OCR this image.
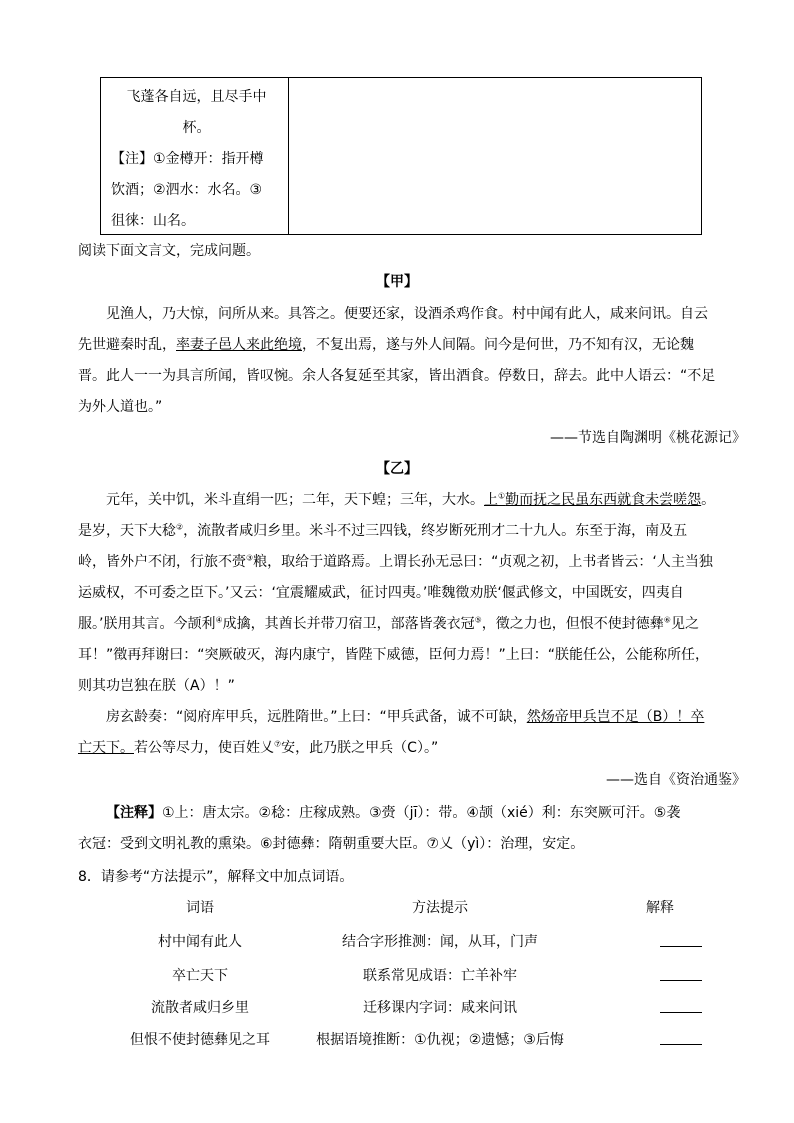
飞蓬各自远，且尽手中
杯。
【注】①金樽开：指开樽
饮酒；②泗水：水名。③
徂徕：山名。
阅读下面文言文，完成问题。
【甲】
见渔人，乃大惊，问所从来。具答之。便要还家，设酒杀鸡作食。村中闻有此人，咸来问讯。自云
先世避秦时乱，率妻子邑人来此绝境，不复出焉，遂与外人间隔。问今是何世，乃不知有汉，无论魏
晋。此人一一为具言所闻，皆叹惋。余人各复延至其家，皆出酒食。停数日，辞去。此中人语云：“不足
为外人道也。”
——节选自陶渊明《桃花源记》
【乙】
元年，关中饥，米斗直绢一匹；二年，天下蝗；三年，大水。上①勤而抚之民虽东西就食未尝嗟怨。
是岁，天下大稔②，流散者咸归乡里。米斗不过三四钱，终岁断死刑才二十九人。东至于海，南及五
岭，皆外户不闭，行旅不赍③粮，取给于道路焉。上谓长孙无忌曰：“贞观之初，上书者皆云：‘人主当独
运威权，不可委之臣下。’又云：‘宜震耀威武，征讨四夷。’唯魏徵劝朕‘偃武修文，中国既安，四夷自
服。’朕用其言。今颉利④成擒，其酋长并带刀宿卫，部落皆袭衣冠⑤，徵之力也，但恨不使封德彝⑥见之
耳！”徵再拜谢曰：“突厥破灭，海内康宁，皆陛下威德，臣何力焉！”上曰：“朕能任公，公能称所任，
则其功岂独在朕（A）！”
房玄龄奏：“阅府库甲兵，远胜隋世。”上曰：“甲兵武备，诚不可缺，然炀帝甲兵岂不足（B）！卒
亡天下。若公等尽力，使百姓乂⑦安，此乃朕之甲兵（C）。”
——选自《资治通鉴》
【注释】①上：唐太宗。②稔：庄稼成熟。③赍（jī）：带。④颉（xié）利：东突厥可汗。⑤袭
衣冠：受到文明礼教的熏染。⑥封德彝：隋朝重要大臣。⑦乂（yì）：治理，安定。
8．请参考“方法提示”，解释文中加点词语。
词语	方法提示	解释
村中闻有此人	结合字形推测：闻，从耳，门声
卒亡天下	联系常见成语：亡羊补牢
流散者咸归乡里	迁移课内字词：咸来问讯
但恨不使封德彝见之耳	根据语境推断：①仇视；②遗憾；③后悔
